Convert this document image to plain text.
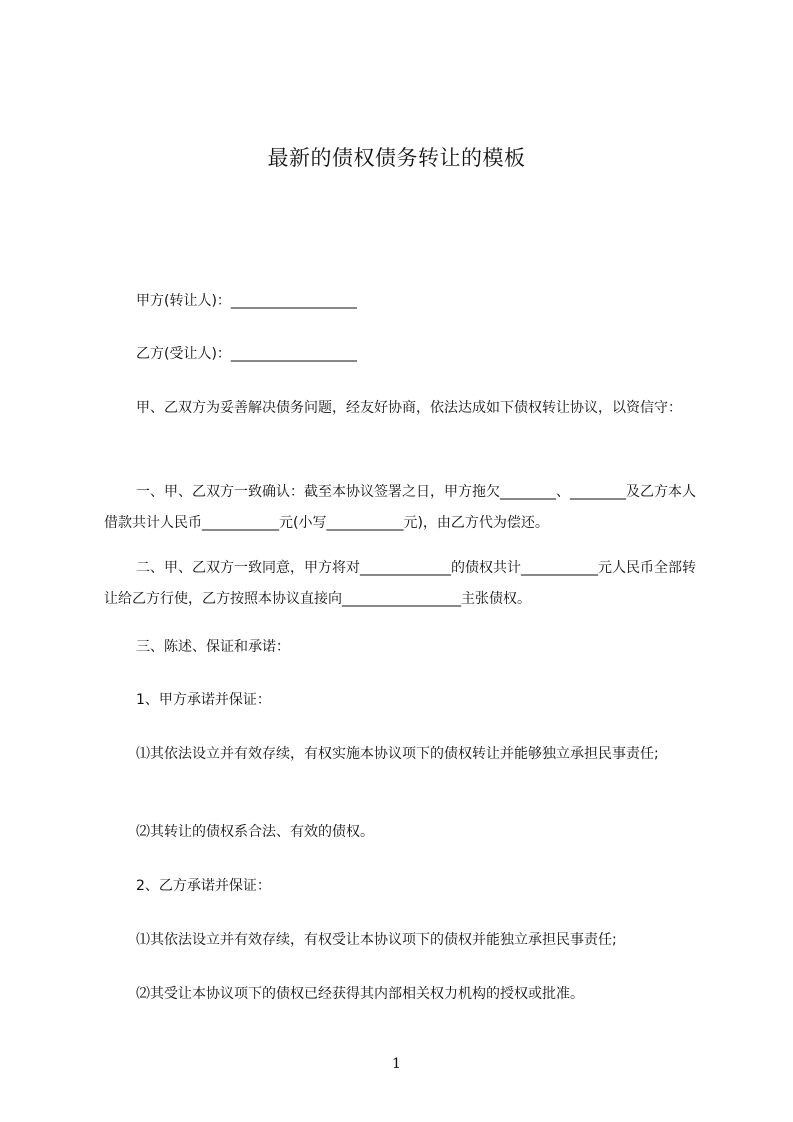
最新的债权债务转让的模板
甲方(转让人)：__________________
乙方(受让人)：__________________
甲、乙双方为妥善解决债务问题，经友好协商，依法达成如下债权转让协议，以资信守：
一、甲、乙双方一致确认：截至本协议签署之日，甲方拖欠________、________及乙方本人借款共计人民币___________元(小写___________元)，由乙方代为偿还。
二、甲、乙双方一致同意，甲方将对_____________的债权共计___________元人民币全部转让给乙方行使，乙方按照本协议直接向_________________主张债权。
三、陈述、保证和承诺：
1、甲方承诺并保证：
⑴其依法设立并有效存续，有权实施本协议项下的债权转让并能够独立承担民事责任;
⑵其转让的债权系合法、有效的债权。
2、乙方承诺并保证：
⑴其依法设立并有效存续，有权受让本协议项下的债权并能独立承担民事责任;
⑵其受让本协议项下的债权已经获得其内部相关权力机构的授权或批准。
1
